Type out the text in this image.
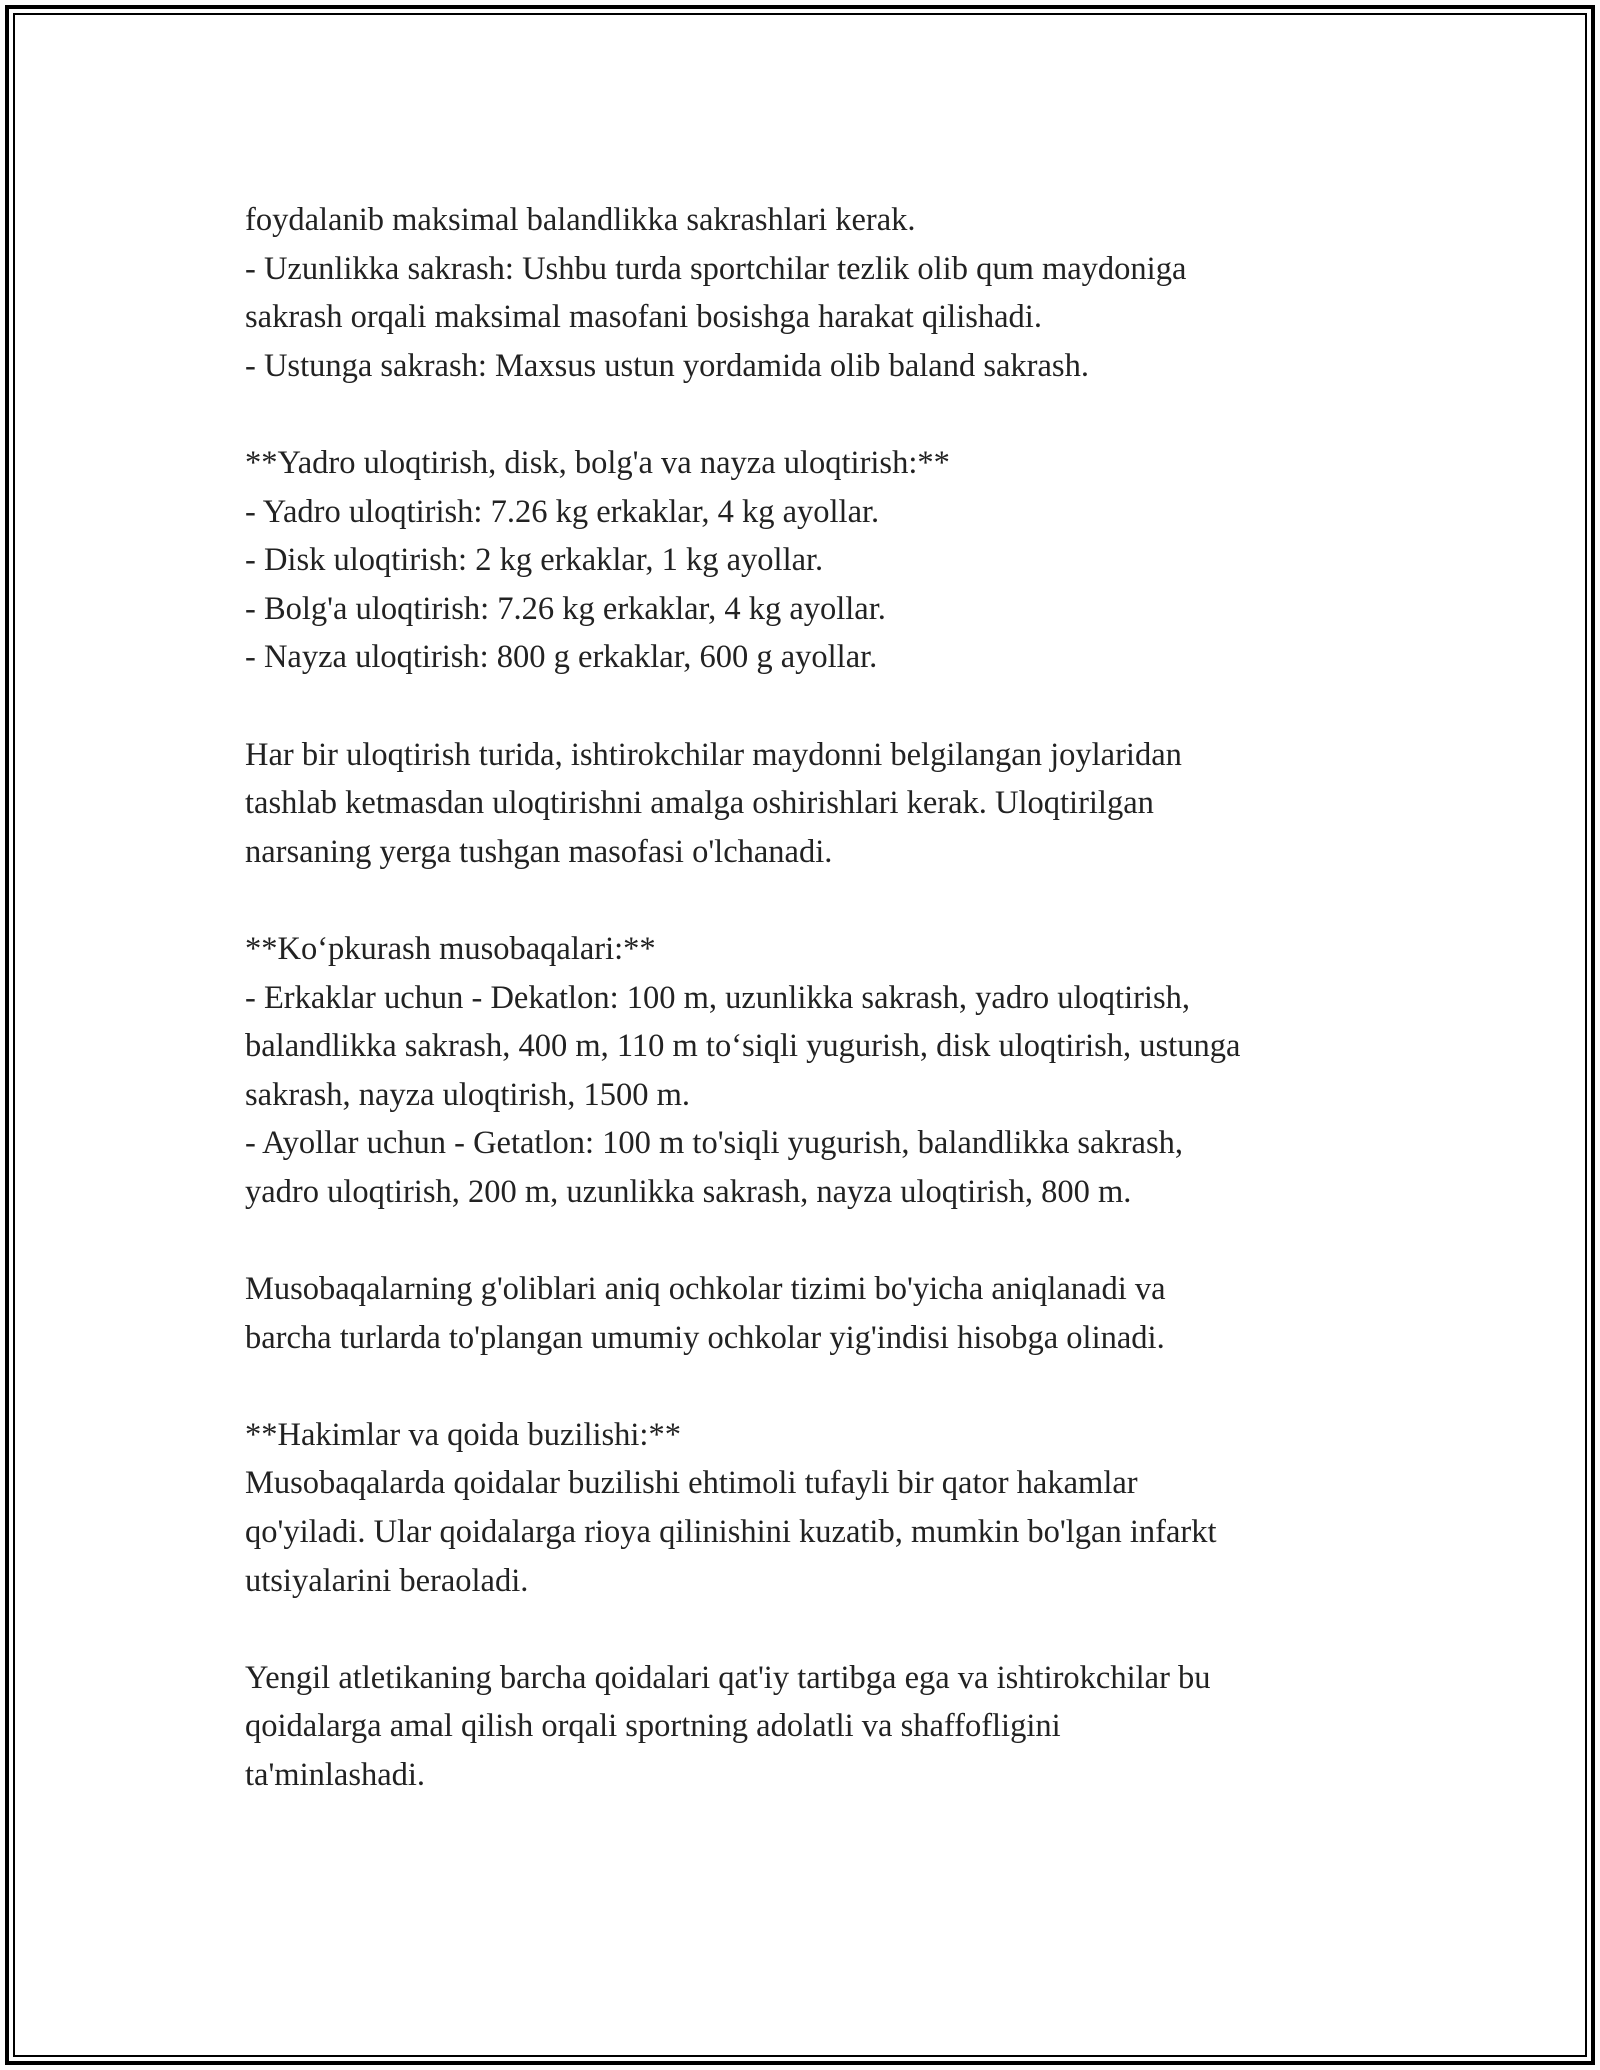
foydalanib maksimal balandlikka sakrashlari kerak.
- Uzunlikka sakrash: Ushbu turda sportchilar tezlik olib qum maydoniga
sakrash orqali maksimal masofani bosishga harakat qilishadi.
- Ustunga sakrash: Maxsus ustun yordamida olib baland sakrash.
**Yadro uloqtirish, disk, bolg'a va nayza uloqtirish:**
- Yadro uloqtirish: 7.26 kg erkaklar, 4 kg ayollar.
- Disk uloqtirish: 2 kg erkaklar, 1 kg ayollar.
- Bolg'a uloqtirish: 7.26 kg erkaklar, 4 kg ayollar.
- Nayza uloqtirish: 800 g erkaklar, 600 g ayollar.
Har bir uloqtirish turida, ishtirokchilar maydonni belgilangan joylaridan
tashlab ketmasdan uloqtirishni amalga oshirishlari kerak. Uloqtirilgan
narsaning yerga tushgan masofasi o'lchanadi.
**Ko‘pkurash musobaqalari:**
- Erkaklar uchun - Dekatlon: 100 m, uzunlikka sakrash, yadro uloqtirish,
balandlikka sakrash, 400 m, 110 m to‘siqli yugurish, disk uloqtirish, ustunga
sakrash, nayza uloqtirish, 1500 m.
- Ayollar uchun - Getatlon: 100 m to'siqli yugurish, balandlikka sakrash,
yadro uloqtirish, 200 m, uzunlikka sakrash, nayza uloqtirish, 800 m.
Musobaqalarning g'oliblari aniq ochkolar tizimi bo'yicha aniqlanadi va
barcha turlarda to'plangan umumiy ochkolar yig'indisi hisobga olinadi.
**Hakimlar va qoida buzilishi:**
Musobaqalarda qoidalar buzilishi ehtimoli tufayli bir qator hakamlar
qo'yiladi. Ular qoidalarga rioya qilinishini kuzatib, mumkin bo'lgan infarkt
utsiyalarini beraoladi.
Yengil atletikaning barcha qoidalari qat'iy tartibga ega va ishtirokchilar bu
qoidalarga amal qilish orqali sportning adolatli va shaffofligini
ta'minlashadi.
